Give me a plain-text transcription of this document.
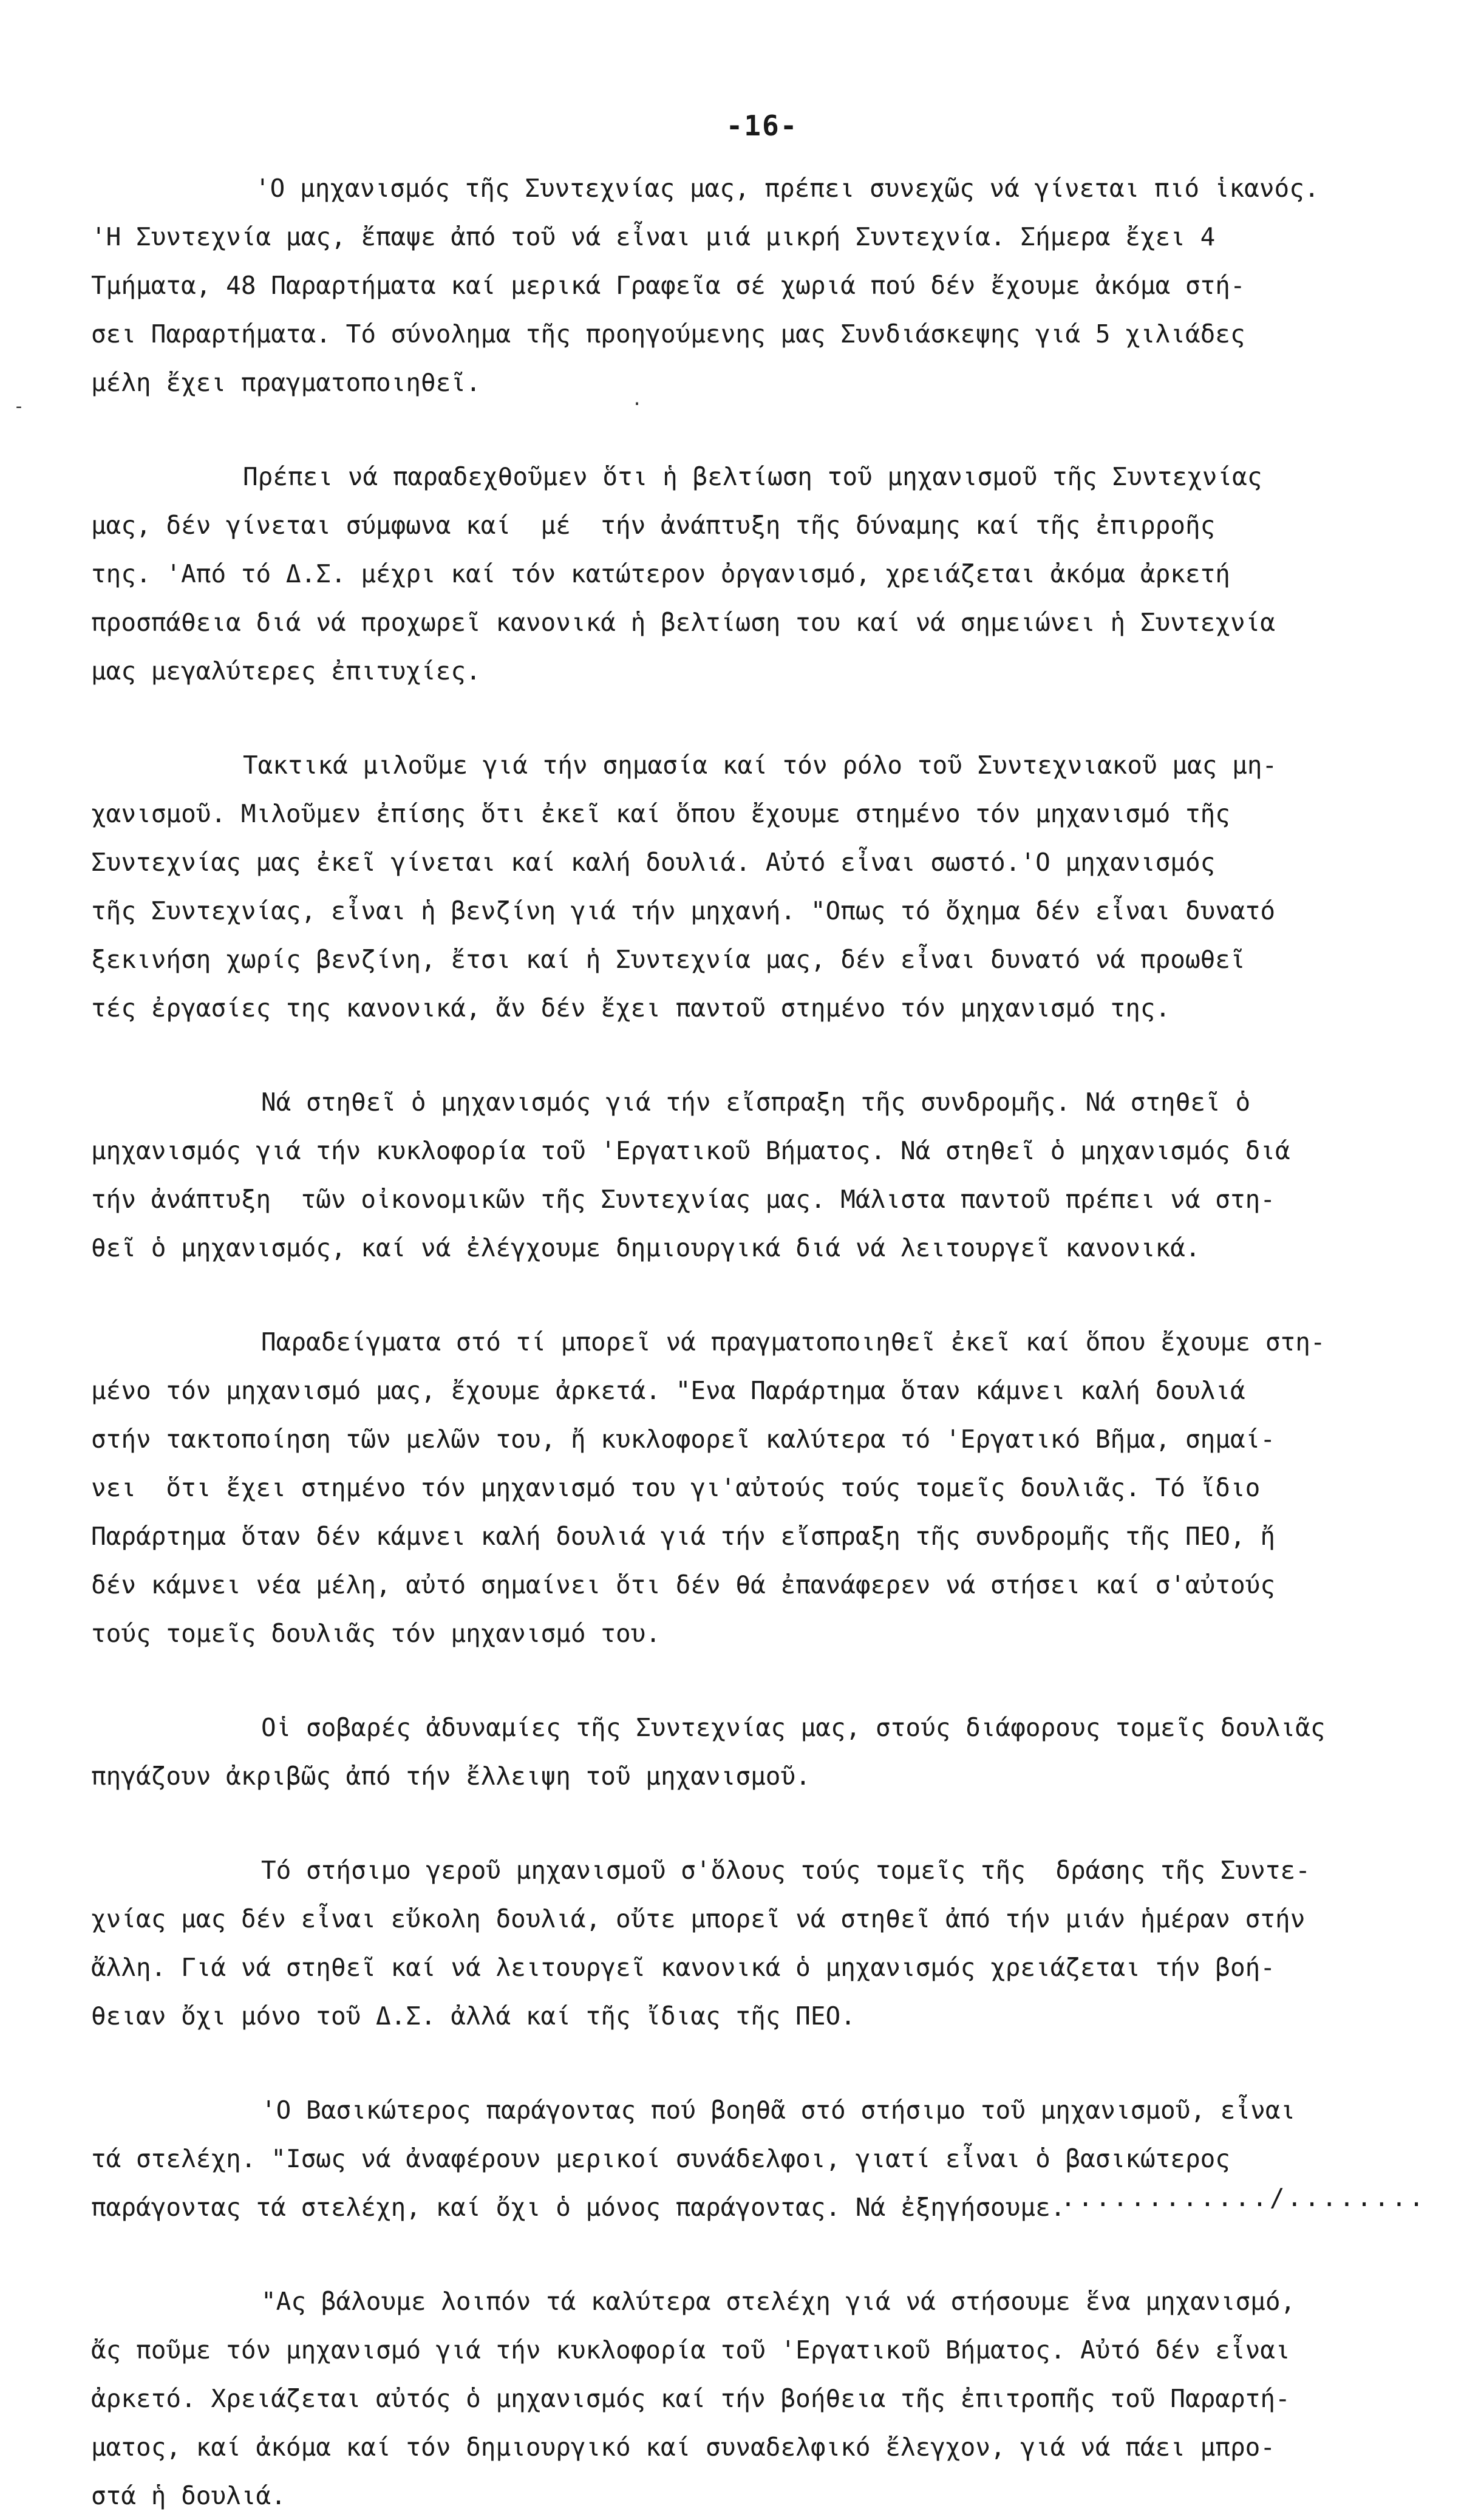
-16-
-	.
'Ο μηχανισμός τῆς Συντεχνίας μας, πρέπει συνεχῶς νά γίνεται πιό ἱκανός.
'Η Συντεχνία μας, ἔπαψε ἀπό τοῦ νά εἶναι μιά μικρή Συντεχνία. Σήμερα ἔχει 4
Τμήματα, 48 Παραρτήματα καί μερικά Γραφεῖα σέ χωριά πού δέν ἔχουμε ἀκόμα στή-
σει Παραρτήματα. Τό σύνολημα τῆς προηγούμενης μας Συνδιάσκεψης γιά 5 χιλιάδες
μέλη ἔχει πραγματοποιηθεῖ.
Πρέπει νά παραδεχθοῦμεν ὅτι ἡ βελτίωση τοῦ μηχανισμοῦ τῆς Συντεχνίας
μας, δέν γίνεται σύμφωνα καί  μέ  τήν ἀνάπτυξη τῆς δύναμης καί τῆς ἐπιρροῆς
της. 'Από τό Δ.Σ. μέχρι καί τόν κατώτερον ὀργανισμό, χρειάζεται ἀκόμα ἀρκετή
προσπάθεια διά νά προχωρεῖ κανονικά ἡ βελτίωση του καί νά σημειώνει ἡ Συντεχνία
μας μεγαλύτερες ἐπιτυχίες.
Τακτικά μιλοῦμε γιά τήν σημασία καί τόν ρόλο τοῦ Συντεχνιακοῦ μας μη-
χανισμοῦ. Μιλοῦμεν ἐπίσης ὅτι ἐκεῖ καί ὅπου ἔχουμε στημένο τόν μηχανισμό τῆς
Συντεχνίας μας ἐκεῖ γίνεται καί καλή δουλιά. Αὐτό εἶναι σωστό.'Ο μηχανισμός
τῆς Συντεχνίας, εἶναι ἡ βενζίνη γιά τήν μηχανή. "Οπως τό ὄχημα δέν εἶναι δυνατό
ξεκινήση χωρίς βενζίνη, ἔτσι καί ἡ Συντεχνία μας, δέν εἶναι δυνατό νά προωθεῖ
τές ἐργασίες της κανονικά, ἄν δέν ἔχει παντοῦ στημένο τόν μηχανισμό της.
Νά στηθεῖ ὁ μηχανισμός γιά τήν εἴσπραξη τῆς συνδρομῆς. Νά στηθεῖ ὁ
μηχανισμός γιά τήν κυκλοφορία τοῦ 'Εργατικοῦ Βήματος. Νά στηθεῖ ὁ μηχανισμός διά
τήν ἀνάπτυξη  τῶν οἰκονομικῶν τῆς Συντεχνίας μας. Μάλιστα παντοῦ πρέπει νά στη-
θεῖ ὁ μηχανισμός, καί νά ἐλέγχουμε δημιουργικά διά νά λειτουργεῖ κανονικά.
Παραδείγματα στό τί μπορεῖ νά πραγματοποιηθεῖ ἐκεῖ καί ὅπου ἔχουμε στη-
μένο τόν μηχανισμό μας, ἔχουμε ἀρκετά. "Ενα Παράρτημα ὅταν κάμνει καλή δουλιά
στήν τακτοποίηση τῶν μελῶν του, ἤ κυκλοφορεῖ καλύτερα τό 'Εργατικό Βῆμα, σημαί-
νει  ὅτι ἔχει στημένο τόν μηχανισμό του γι'αὐτούς τούς τομεῖς δουλιᾶς. Τό ἴδιο
Παράρτημα ὅταν δέν κάμνει καλή δουλιά γιά τήν εἴσπραξη τῆς συνδρομῆς τῆς ΠΕΟ, ἤ
δέν κάμνει νέα μέλη, αὐτό σημαίνει ὅτι δέν θά ἐπανάφερεν νά στήσει καί σ'αὐτούς
τούς τομεῖς δουλιᾶς τόν μηχανισμό του.
Οἱ σοβαρές ἀδυναμίες τῆς Συντεχνίας μας, στούς διάφορους τομεῖς δουλιᾶς
πηγάζουν ἀκριβῶς ἀπό τήν ἔλλειψη τοῦ μηχανισμοῦ.
Τό στήσιμο γεροῦ μηχανισμοῦ σ'ὅλους τούς τομεῖς τῆς  δράσης τῆς Συντε-
χνίας μας δέν εἶναι εὔκολη δουλιά, οὔτε μπορεῖ νά στηθεῖ ἀπό τήν μιάν ἡμέραν στήν
ἄλλη. Γιά νά στηθεῖ καί νά λειτουργεῖ κανονικά ὁ μηχανισμός χρειάζεται τήν βοή-
θειαν ὄχι μόνο τοῦ Δ.Σ. ἀλλά καί τῆς ἴδιας τῆς ΠΕΟ.
'Ο Βασικώτερος παράγοντας πού βοηθᾶ στό στήσιμο τοῦ μηχανισμοῦ, εἶναι
τά στελέχη. "Ισως νά ἀναφέρουν μερικοί συνάδελφοι, γιατί εἶναι ὁ βασικώτερος
παράγοντας τά στελέχη, καί ὄχι ὁ μόνος παράγοντας. Νά ἐξηγήσουμε.
"Ας βάλουμε λοιπόν τά καλύτερα στελέχη γιά νά στήσουμε ἕνα μηχανισμό,
ἄς ποῦμε τόν μηχανισμό γιά τήν κυκλοφορία τοῦ 'Εργατικοῦ Βήματος. Αὐτό δέν εἶναι
ἀρκετό. Χρειάζεται αὐτός ὁ μηχανισμός καί τήν βοήθεια τῆς ἐπιτροπῆς τοῦ Παραρτή-
ματος, καί ἀκόμα καί τόν δημιουργικό καί συναδελφικό ἔλεγχον, γιά νά πάει μπρο-
στά ἡ δουλιά.
............/........
